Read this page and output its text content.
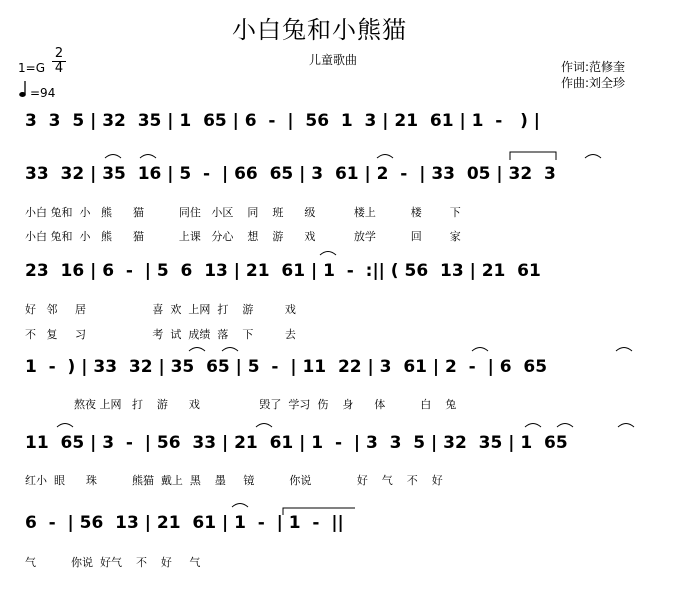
小白兔和小熊猫
儿童歌曲	作词:范修奎
作曲:刘全珍
1=G
2
4
=94
3  3  5 | 32  35 | 1  65 | 6  -  |  56  1  3 | 21  61 | 1  -   ) |
33  32 | 35  16 | 5  -  | 66  65 | 3  61 | 2  -  | 33  05 | 32  3
小白 兔和  小   熊      猫          同住   小区    同    班      级           楼上          楼        下
小白 兔和  小   熊      猫          上课   分心    想    游      戏           放学          回        家
23  16 | 6  -  | 5  6  13 | 21  61 | 1  -  :|| ( 56  13 | 21  61
好   邻     居                   喜  欢  上网  打    游         戏
不   复     习                   考  试  成绩  落    下         去
1  -  ) | 33  32 | 35  65 | 5  -  | 11  22 | 3  61 | 2  -  | 6  65
熬夜 上网   打    游      戏                 毁了  学习  伤    身      体          白    兔
11  65 | 3  -  | 56  33 | 21  61 | 1  -  | 3  3  5 | 32  35 | 1  65
红小  眼      珠          熊猫  戴上  黑    墨     镜          你说             好    气    不    好
6  -  | 56  13 | 21  61 | 1  -  | 1  -  ||
气          你说  好气    不    好     气
